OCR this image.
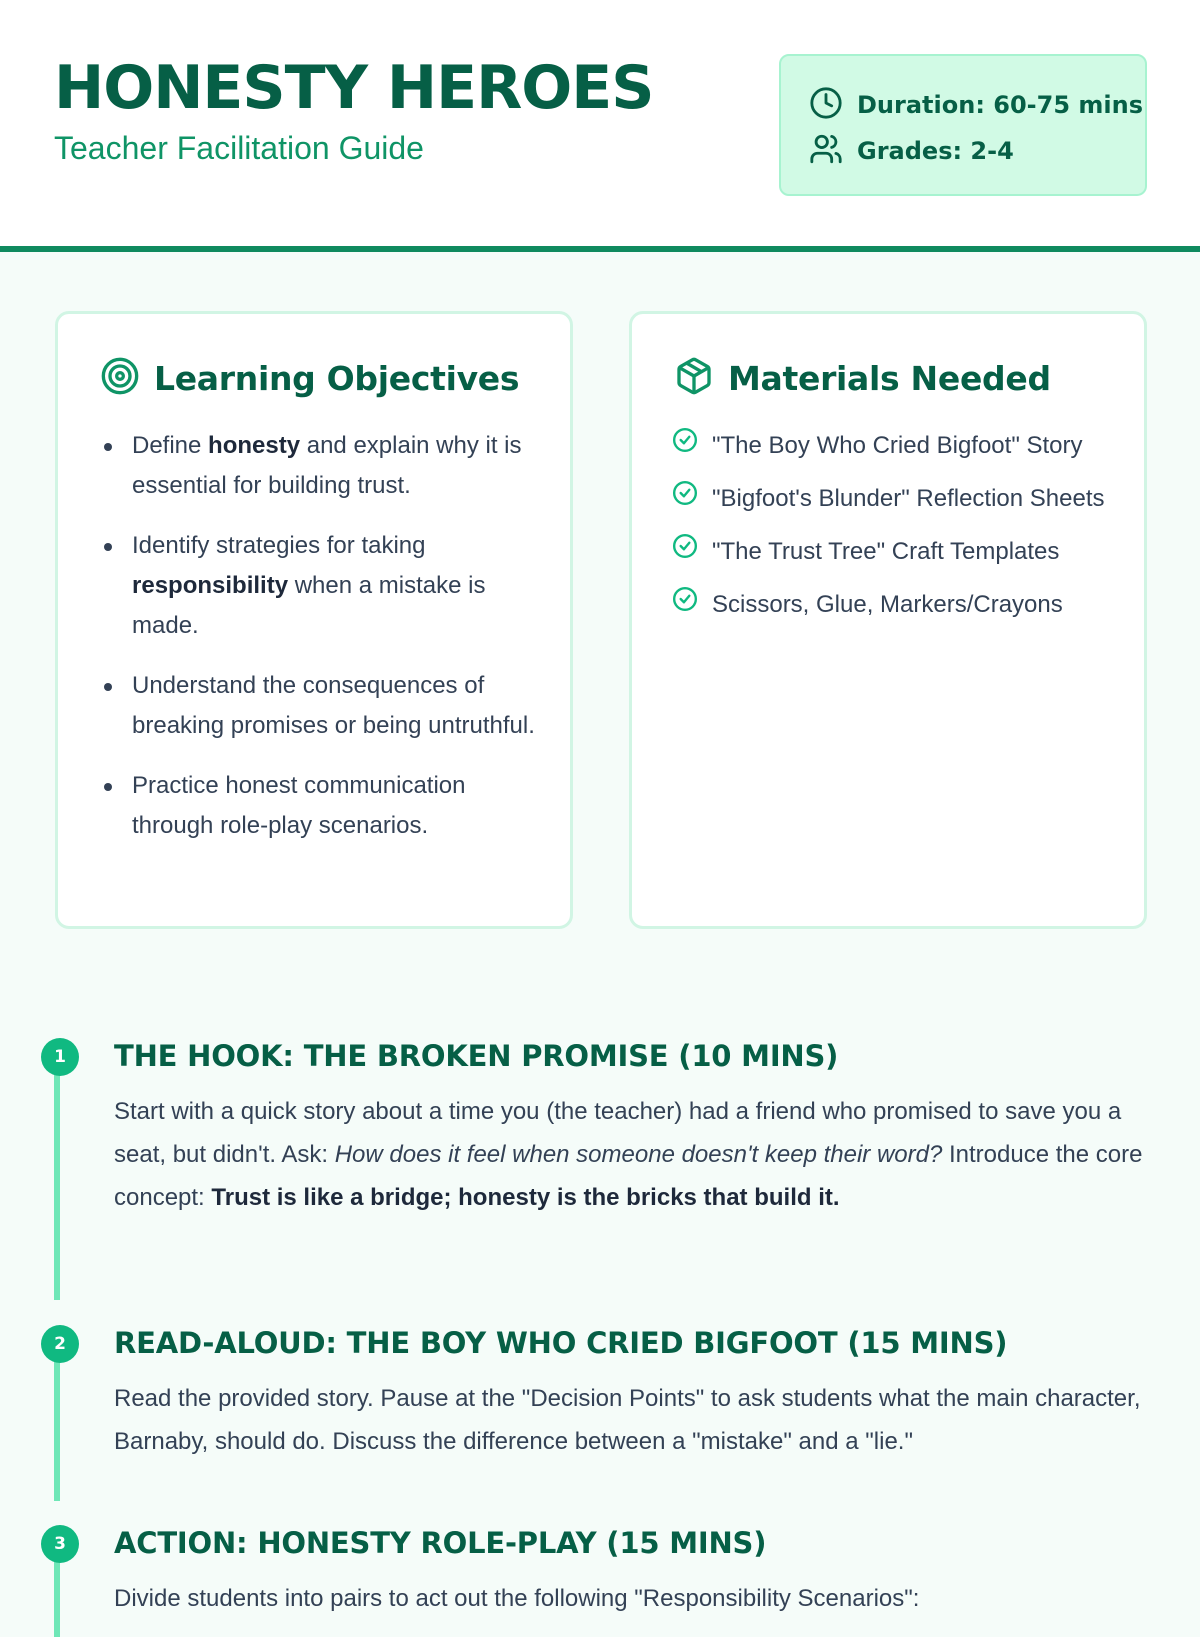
HONESTY HEROES
Teacher Facilitation Guide
Duration: 60-75 mins
Grades: 2-4
Learning Objectives
Define honesty and explain why it is essential for building trust.
Identify strategies for taking responsibility when a mistake is made.
Understand the consequences of breaking promises or being untruthful.
Practice honest communication through role-play scenarios.
Materials Needed
"The Boy Who Cried Bigfoot" Story
"Bigfoot's Blunder" Reflection Sheets
"The Trust Tree" Craft Templates
Scissors, Glue, Markers/Crayons
1	THE HOOK: THE BROKEN PROMISE (10 MINS)

Start with a quick story about a time you (the teacher) had a friend who promised to save you a seat, but didn't. Ask: How does it feel when someone doesn't keep their word? Introduce the core concept: Trust is like a bridge; honesty is the bricks that build it.

2	READ-ALOUD: THE BOY WHO CRIED BIGFOOT (15 MINS)

Read the provided story. Pause at the "Decision Points" to ask students what the main character, Barnaby, should do. Discuss the difference between a "mistake" and a "lie."

3	ACTION: HONESTY ROLE-PLAY (15 MINS)

Divide students into pairs to act out the following "Responsibility Scenarios":
